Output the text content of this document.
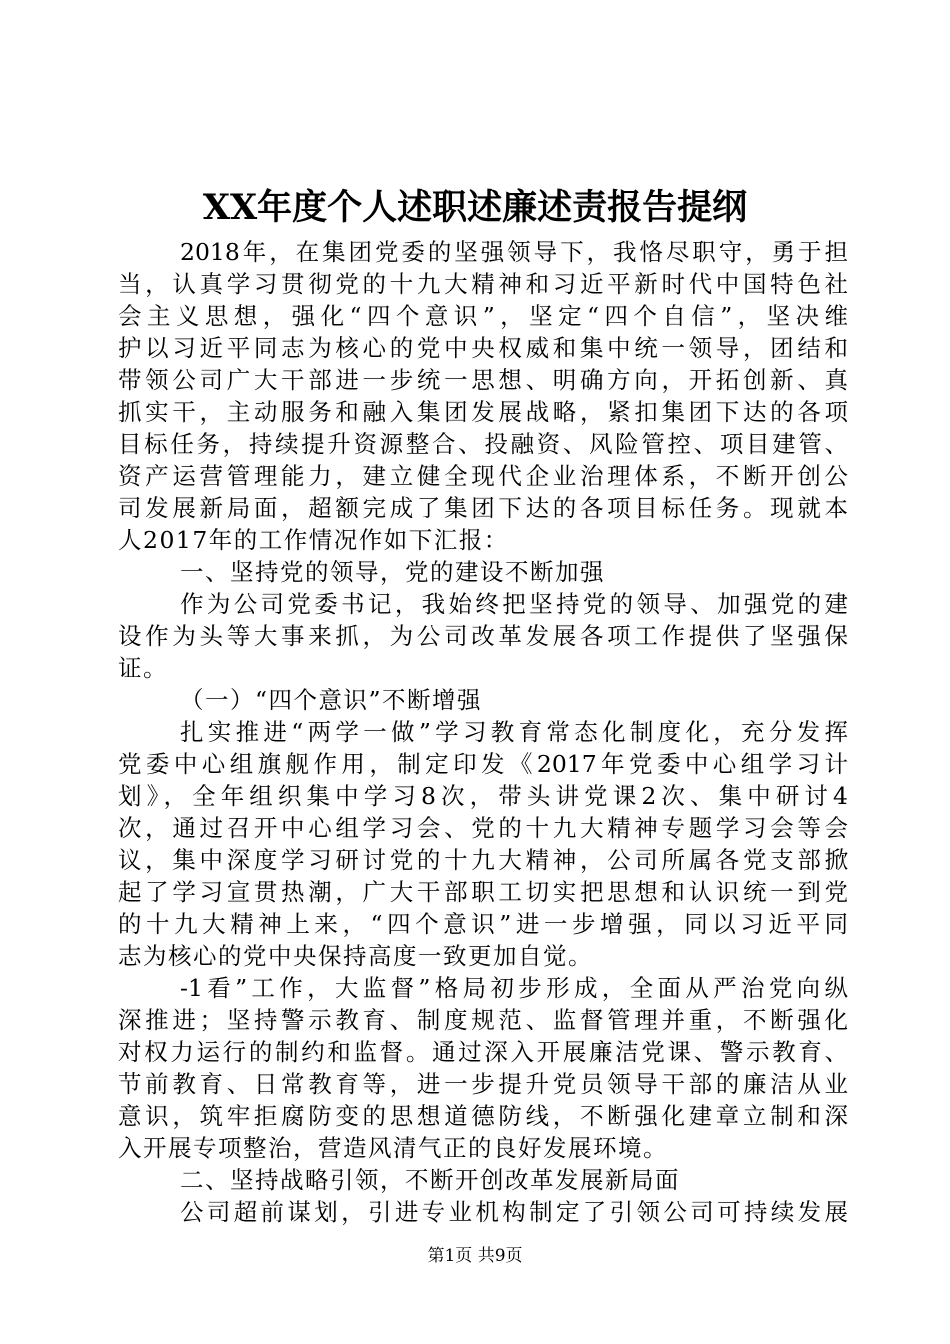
XX年度个人述职述廉述责报告提纲
2018年，在集团党委的坚强领导下，我恪尽职守，勇于担
当，认真学习贯彻党的十九大精神和习近平新时代中国特色社
会主义思想，强化“四个意识”，坚定“四个自信”，坚决维
护以习近平同志为核心的党中央权威和集中统一领导，团结和
带领公司广大干部进一步统一思想、明确方向，开拓创新、真
抓实干，主动服务和融入集团发展战略，紧扣集团下达的各项
目标任务，持续提升资源整合、投融资、风险管控、项目建管、
资产运营管理能力，建立健全现代企业治理体系，不断开创公
司发展新局面，超额完成了集团下达的各项目标任务。现就本
人2017年的工作情况作如下汇报：
一、坚持党的领导，党的建设不断加强
作为公司党委书记，我始终把坚持党的领导、加强党的建
设作为头等大事来抓，为公司改革发展各项工作提供了坚强保
证。
（一）“四个意识”不断增强
扎实推进“两学一做”学习教育常态化制度化，充分发挥
党委中心组旗舰作用，制定印发《2017年党委中心组学习计
划》，全年组织集中学习8次，带头讲党课2次、集中研讨4
次，通过召开中心组学习会、党的十九大精神专题学习会等会
议，集中深度学习研讨党的十九大精神，公司所属各党支部掀
起了学习宣贯热潮，广大干部职工切实把思想和认识统一到党
的十九大精神上来，“四个意识”进一步增强，同以习近平同
志为核心的党中央保持高度一致更加自觉。
-1看”工作，大监督”格局初步形成，全面从严治党向纵
深推进；坚持警示教育、制度规范、监督管理并重，不断强化
对权力运行的制约和监督。通过深入开展廉洁党课、警示教育、
节前教育、日常教育等，进一步提升党员领导干部的廉洁从业
意识，筑牢拒腐防变的思想道德防线，不断强化建章立制和深
入开展专项整治，营造风清气正的良好发展环境。
二、坚持战略引领，不断开创改革发展新局面
公司超前谋划，引进专业机构制定了引领公司可持续发展
第1页 共9页
